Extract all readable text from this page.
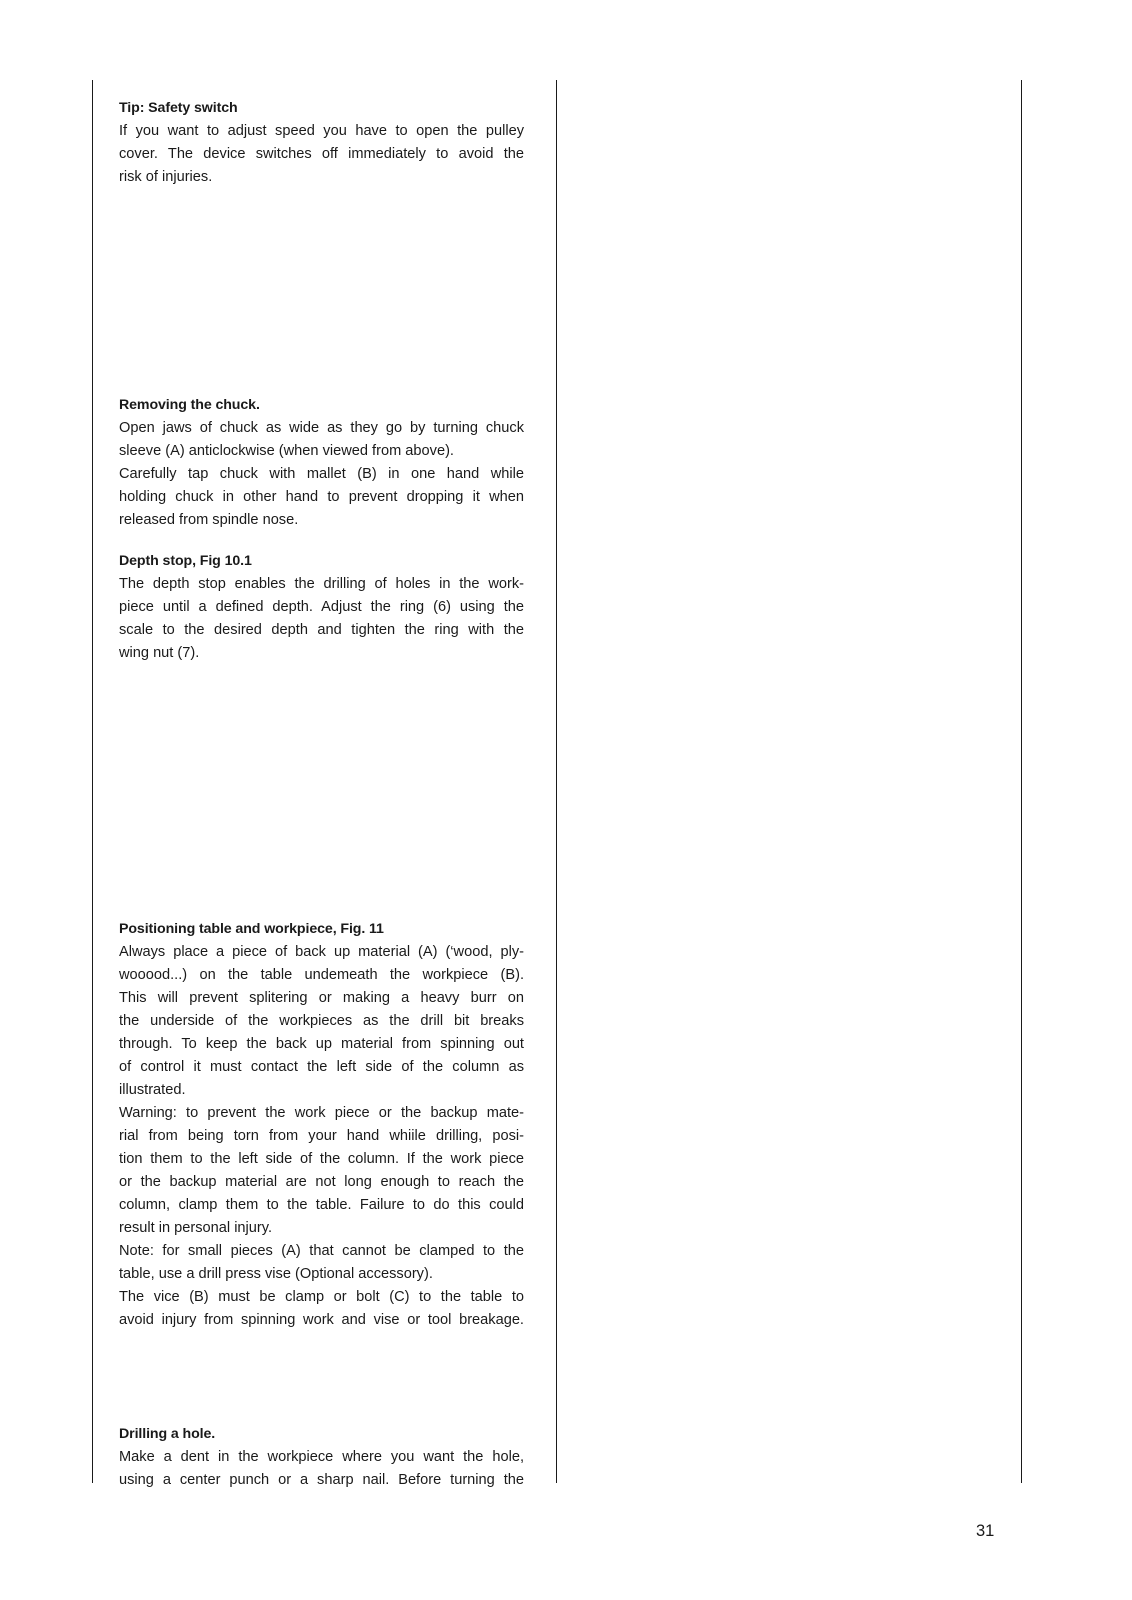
Tip: Safety switch

If you want to adjust speed you have to open the pulley

cover. The device switches off immediately to avoid the

risk of injuries.

Removing the chuck.

Open jaws of chuck as wide as they go by turning chuck

sleeve (A) anticlockwise (when viewed from above).

Carefully tap chuck with mallet (B) in one hand while

holding chuck in other hand to prevent dropping it when

released from spindle nose.

Depth stop, Fig 10.1

The depth stop enables the drilling of holes in the work-

piece until a defined depth. Adjust the ring (6) using the

scale to the desired depth and tighten the ring with the

wing nut (7).

Positioning table and workpiece, Fig. 11

Always place a piece of back up material (A) (‘wood, ply-

wooood...) on the table undemeath the workpiece (B).

This will prevent splitering or making a heavy burr on

the underside of the workpieces as the drill bit breaks

through. To keep the back up material from spinning out

of control it must contact the left side of the column as

illustrated.

Warning: to prevent the work piece or the backup mate-

rial from being torn from your hand whiile drilling, posi-

tion them to the left side of the column. If the work piece

or the backup material are not long enough to reach the

column, clamp them to the table. Failure to do this could

result in personal injury.

Note: for small pieces (A) that cannot be clamped to the

table, use a drill press vise (Optional accessory).

The vice (B) must be clamp or bolt (C) to the table to

avoid injury from spinning work and vise or tool breakage.

Drilling a hole.

Make a dent in the workpiece where you want the hole,

using a center punch or a sharp nail. Before turning the

31
